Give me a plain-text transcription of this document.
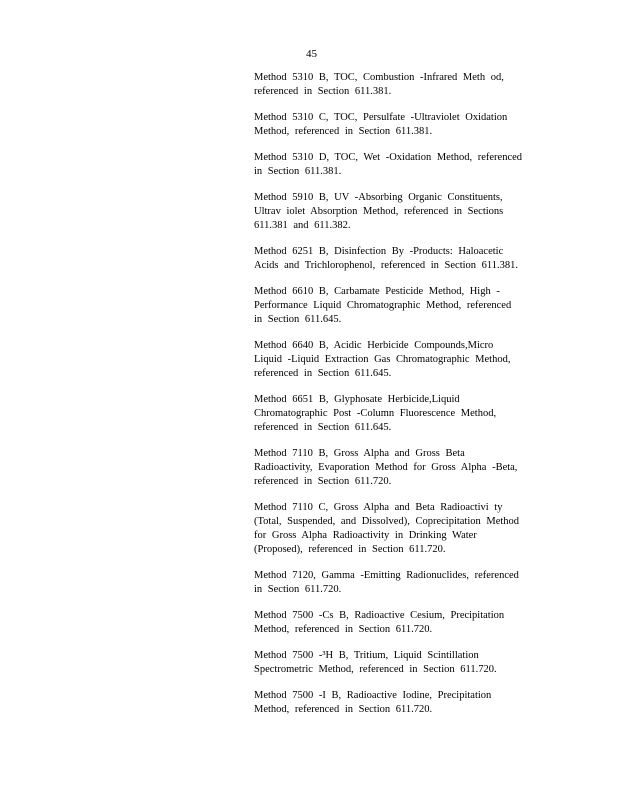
45

Method 5310 B, TOC, Combustion -Infrared Meth od,
referenced in Section 611.381.

Method 5310 C, TOC, Persulfate -Ultraviolet Oxidation
Method, referenced in Section 611.381.

Method 5310 D, TOC, Wet -Oxidation Method, referenced
in Section 611.381.

Method 5910 B, UV -Absorbing Organic Constituents,
Ultrav iolet Absorption Method, referenced in Sections
611.381 and 611.382.

Method 6251 B, Disinfection By -Products: Haloacetic
Acids and Trichlorophenol, referenced in Section 611.381.

Method 6610 B, Carbamate Pesticide Method, High -
Performance Liquid Chromatographic Method, referenced
in Section 611.645.

Method 6640 B, Acidic Herbicide Compounds,Micro
Liquid -Liquid Extraction Gas Chromatographic Method,
referenced in Section 611.645.

Method 6651 B, Glyphosate Herbicide,Liquid
Chromatographic Post -Column Fluorescence Method,
referenced in Section 611.645.

Method 7110 B, Gross Alpha and Gross Beta
Radioactivity, Evaporation Method for Gross Alpha -Beta,
referenced in Section 611.720.

Method 7110 C, Gross Alpha and Beta Radioactivi ty
(Total, Suspended, and Dissolved), Coprecipitation Method
for Gross Alpha Radioactivity in Drinking Water
(Proposed), referenced in Section 611.720.

Method 7120, Gamma -Emitting Radionuclides, referenced
in Section 611.720.

Method 7500 -Cs B, Radioactive Cesium, Precipitation
Method, referenced in Section 611.720.

Method 7500 -³H B, Tritium, Liquid Scintillation
Spectrometric Method, referenced in Section 611.720.

Method 7500 -I B, Radioactive Iodine, Precipitation
Method, referenced in Section 611.720.
